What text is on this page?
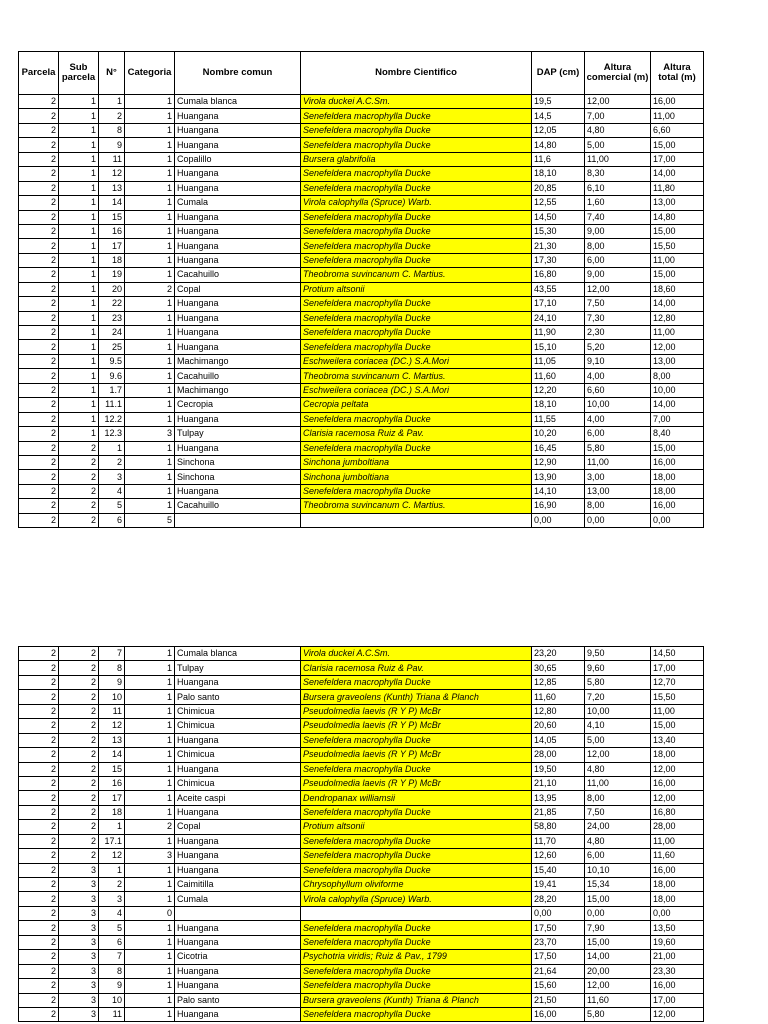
Parcela	Sub parcela	N°	Categoria	Nombre comun	Nombre Cientifico	DAP (cm)	Altura comercial (m)	Altura total (m)
2	1	1	1	Cumala blanca	Virola duckei A.C.Sm.	19,5	12,00	16,00
2	1	2	1	Huangana	Senefeldera macrophylla Ducke	14,5	7,00	11,00
2	1	8	1	Huangana	Senefeldera macrophylla Ducke	12,05	4,80	6,60
2	1	9	1	Huangana	Senefeldera macrophylla Ducke	14,80	5,00	15,00
2	1	11	1	Copalillo	Bursera glabrifolia	11,6	11,00	17,00
2	1	12	1	Huangana	Senefeldera macrophylla Ducke	18,10	8,30	14,00
2	1	13	1	Huangana	Senefeldera macrophylla Ducke	20,85	6,10	11,80
2	1	14	1	Cumala	Virola calophylla (Spruce) Warb.	12,55	1,60	13,00
2	1	15	1	Huangana	Senefeldera macrophylla Ducke	14,50	7,40	14,80
2	1	16	1	Huangana	Senefeldera macrophylla Ducke	15,30	9,00	15,00
2	1	17	1	Huangana	Senefeldera macrophylla Ducke	21,30	8,00	15,50
2	1	18	1	Huangana	Senefeldera macrophylla Ducke	17,30	6,00	11,00
2	1	19	1	Cacahuillo	Theobroma suvincanum C. Martius.	16,80	9,00	15,00
2	1	20	2	Copal	Protium altsonii	43,55	12,00	18,60
2	1	22	1	Huangana	Senefeldera macrophylla Ducke	17,10	7,50	14,00
2	1	23	1	Huangana	Senefeldera macrophylla Ducke	24,10	7,30	12,80
2	1	24	1	Huangana	Senefeldera macrophylla Ducke	11,90	2,30	11,00
2	1	25	1	Huangana	Senefeldera macrophylla Ducke	15,10	5,20	12,00
2	1	9.5	1	Machimango	Eschweilera coriacea (DC.) S.A.Mori	11,05	9,10	13,00
2	1	9.6	1	Cacahuillo	Theobroma suvincanum C. Martius.	11,60	4,00	8,00
2	1	1.7	1	Machimango	Eschweilera coriacea (DC.) S.A.Mori	12,20	6,60	10,00
2	1	11.1	1	Cecropia	Cecropia peltata	18,10	10,00	14,00
2	1	12.2	1	Huangana	Senefeldera macrophylla Ducke	11,55	4,00	7,00
2	1	12.3	3	Tulpay	Clarisia racemosa Ruiz & Pav.	10,20	6,00	8,40
2	2	1	1	Huangana	Senefeldera macrophylla Ducke	16,45	5,80	15,00
2	2	2	1	Sinchona	Sinchona jumboltiana	12,90	11,00	16,00
2	2	3	1	Sinchona	Sinchona jumboltiana	13,90	3,00	18,00
2	2	4	1	Huangana	Senefeldera macrophylla Ducke	14,10	13,00	18,00
2	2	5	1	Cacahuillo	Theobroma suvincanum C. Martius.	16,90	8,00	16,00
2	2	6	5			0,00	0,00	0,00
2	2	7	1	Cumala blanca	Virola duckei A.C.Sm.	23,20	9,50	14,50
2	2	8	1	Tulpay	Clarisia racemosa Ruiz & Pav.	30,65	9,60	17,00
2	2	9	1	Huangana	Senefeldera macrophylla Ducke	12,85	5,80	12,70
2	2	10	1	Palo santo	Bursera graveolens (Kunth) Triana & Planch	11,60	7,20	15,50
2	2	11	1	Chimicua	Pseudolmedia laevis (R Y P) McBr	12,80	10,00	11,00
2	2	12	1	Chimicua	Pseudolmedia laevis (R Y P) McBr	20,60	4,10	15,00
2	2	13	1	Huangana	Senefeldera macrophylla Ducke	14,05	5,00	13,40
2	2	14	1	Chimicua	Pseudolmedia laevis (R Y P) McBr	28,00	12,00	18,00
2	2	15	1	Huangana	Senefeldera macrophylla Ducke	19,50	4,80	12,00
2	2	16	1	Chimicua	Pseudolmedia laevis (R Y P) McBr	21,10	11,00	16,00
2	2	17	1	Aceite caspi	Dendropanax williamsii	13,95	8,00	12,00
2	2	18	1	Huangana	Senefeldera macrophylla Ducke	21,85	7,50	16,80
2	2	1	2	Copal	Protium altsonii	58,80	24,00	28,00
2	2	17.1	1	Huangana	Senefeldera macrophylla Ducke	11,70	4,80	11,00
2	2	12	3	Huangana	Senefeldera macrophylla Ducke	12,60	6,00	11,60
2	3	1	1	Huangana	Senefeldera macrophylla Ducke	15,40	10,10	16,00
2	3	2	1	Caimitilla	Chrysophyllum oliviforme	19,41	15,34	18,00
2	3	3	1	Cumala	Virola calophylla (Spruce) Warb.	28,20	15,00	18,00
2	3	4	0			0,00	0,00	0,00
2	3	5	1	Huangana	Senefeldera macrophylla Ducke	17,50	7,90	13,50
2	3	6	1	Huangana	Senefeldera macrophylla Ducke	23,70	15,00	19,60
2	3	7	1	Cicotria	Psychotria viridis; Ruiz & Pav., 1799	17,50	14,00	21,00
2	3	8	1	Huangana	Senefeldera macrophylla Ducke	21,64	20,00	23,30
2	3	9	1	Huangana	Senefeldera macrophylla Ducke	15,60	12,00	16,00
2	3	10	1	Palo santo	Bursera graveolens (Kunth) Triana & Planch	21,50	11,60	17,00
2	3	11	1	Huangana	Senefeldera macrophylla Ducke	16,00	5,80	12,00
